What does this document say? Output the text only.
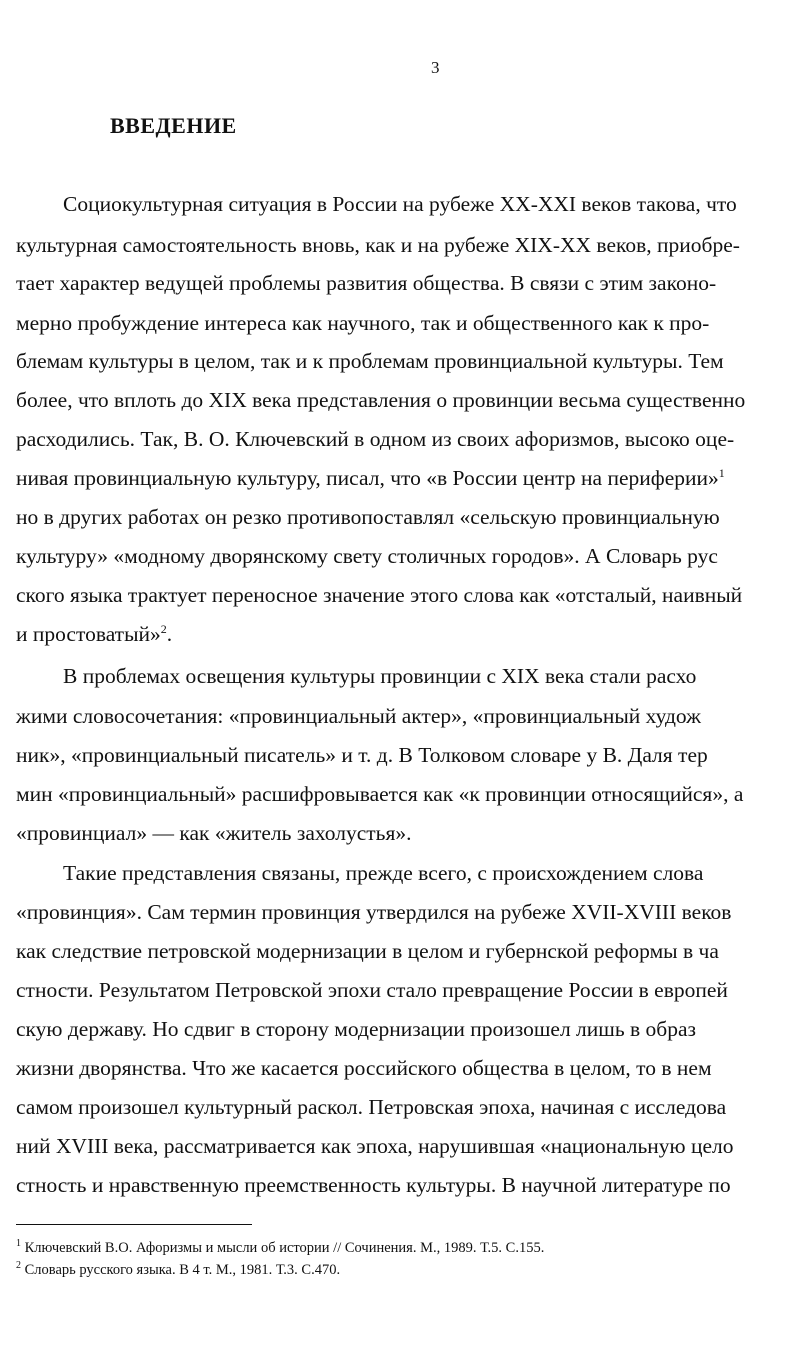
3
ВВЕДЕНИЕ
Социокультурная ситуация в России на рубеже XX-XXI веков такова, что
культурная самостоятельность вновь, как и на рубеже XIX-XX веков, приобре-
тает характер ведущей проблемы развития общества. В связи с этим законо-
мерно пробуждение интереса как научного, так и общественного как к про-
блемам культуры в целом, так и к проблемам провинциальной культуры. Тем
более, что вплоть до XIX века представления о провинции весьма существенно
расходились. Так, В. О. Ключевский в одном из своих афоризмов, высоко оце-
нивая провинциальную культуру, писал, что «в России центр на периферии»$^1$
но в других работах он резко противопоставлял «сельскую провинциальную
культуру» «модному дворянскому свету столичных городов». А Словарь рус
ского языка трактует переносное значение этого слова как «отсталый, наивный
и простоватый»$^2$.
В проблемах освещения культуры провинции с XIX века стали расхо
жими словосочетания: «провинциальный актер», «провинциальный худож
ник», «провинциальный писатель» и т. д. В Толковом словаре у В. Даля тер
мин «провинциальный» расшифровывается как «к провинции относящийся», а
«провинциал» — как «житель захолустья».
Такие представления связаны, прежде всего, с происхождением слова
«провинция». Сам термин провинция утвердился на рубеже XVII-XVIII веков
как следствие петровской модернизации в целом и губернской реформы в ча
стности. Результатом Петровской эпохи стало превращение России в европей
скую державу. Но сдвиг в сторону модернизации произошел лишь в образ
жизни дворянства. Что же касается российского общества в целом, то в нем
самом произошел культурный раскол. Петровская эпоха, начиная с исследова
ний XVIII века, рассматривается как эпоха, нарушившая «национальную цело
стность и нравственную преемственность культуры. В научной литературе по
$^1$ Ключевский В.О. Афоризмы и мысли об истории // Сочинения. М., 1989. Т.5. С.155.
$^2$ Словарь русского языка. В 4 т. М., 1981. Т.3. С.470.
